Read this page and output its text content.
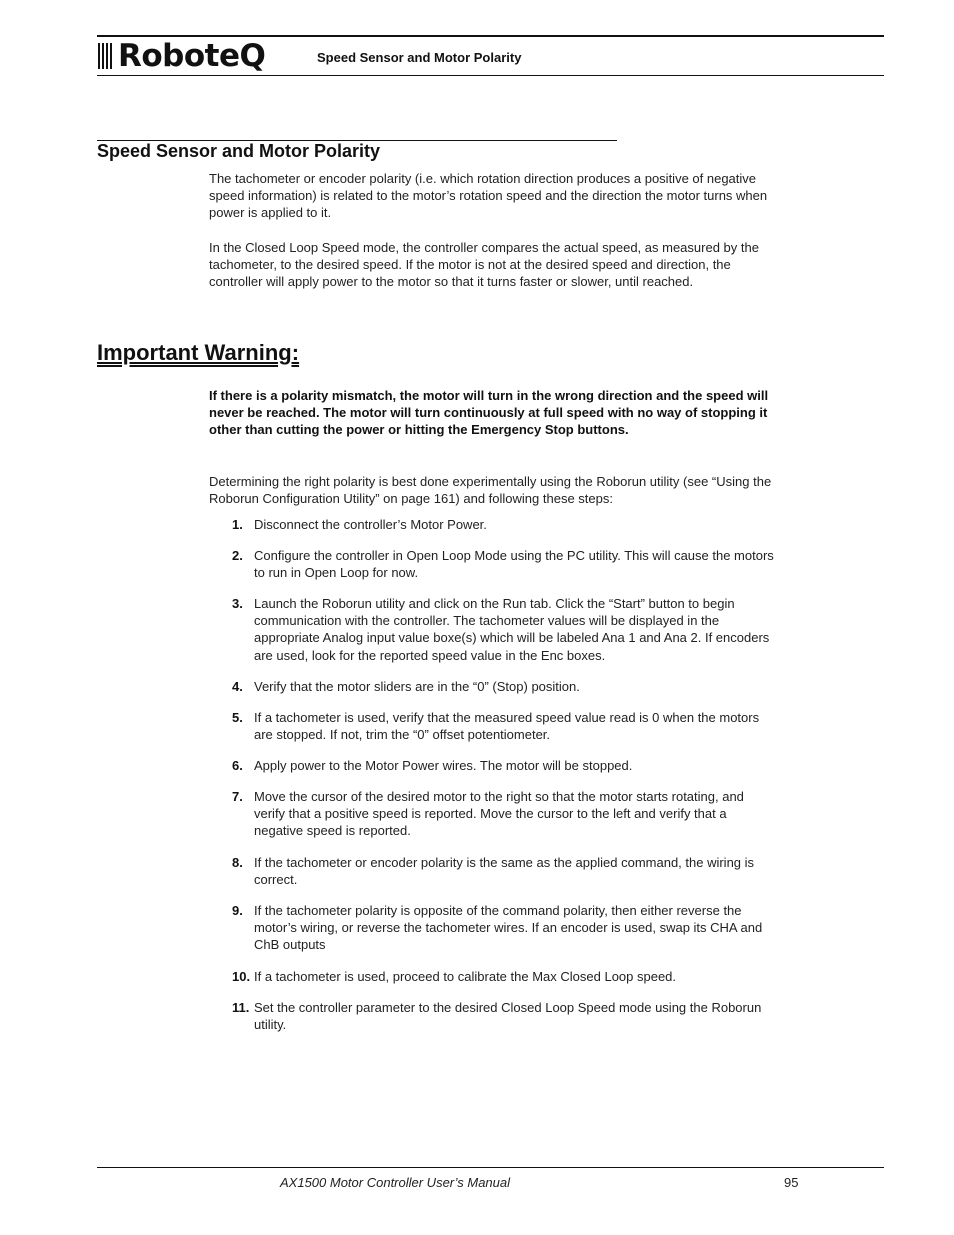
RoboteQ	Speed Sensor and Motor Polarity
Speed Sensor and Motor Polarity

The tachometer or encoder polarity (i.e. which rotation direction produces a positive of negative speed information) is related to the motor’s rotation speed and the direction the motor turns when power is applied to it.

In the Closed Loop Speed mode, the controller compares the actual speed, as measured by the tachometer, to the desired speed. If the motor is not at the desired speed and direction, the controller will apply power to the motor so that it turns faster or slower, until reached.

Important Warning:

If there is a polarity mismatch, the motor will turn in the wrong direction and the speed will never be reached. The motor will turn continuously at full speed with no way of stopping it other than cutting the power or hitting the Emergency Stop buttons.

Determining the right polarity is best done experimentally using the Roborun utility (see “Using the Roborun Configuration Utility” on page 161) and following these steps:

1. Disconnect the controller’s Motor Power.
2. Configure the controller in Open Loop Mode using the PC utility. This will cause the motors to run in Open Loop for now.
3. Launch the Roborun utility and click on the Run tab. Click the “Start” button to begin communication with the controller. The tachometer values will be displayed in the appropriate Analog input value boxe(s) which will be labeled Ana 1 and Ana 2. If encoders are used, look for the reported speed value in the Enc boxes.
4. Verify that the motor sliders are in the “0” (Stop) position.
5. If a tachometer is used, verify that the measured speed value read is 0 when the motors are stopped. If not, trim the “0” offset potentiometer.
6. Apply power to the Motor Power wires. The motor will be stopped.
7. Move the cursor of the desired motor to the right so that the motor starts rotating, and verify that a positive speed is reported. Move the cursor to the left and verify that a negative speed is reported.
8. If the tachometer or encoder polarity is the same as the applied command, the wiring is correct.
9. If the tachometer polarity is opposite of the command polarity, then either reverse the motor’s wiring, or reverse the tachometer wires. If an encoder is used, swap its CHA and ChB outputs
10. If a tachometer is used, proceed to calibrate the Max Closed Loop speed.
11. Set the controller parameter to the desired Closed Loop Speed mode using the Roborun utility.
AX1500 Motor Controller User’s Manual	95
